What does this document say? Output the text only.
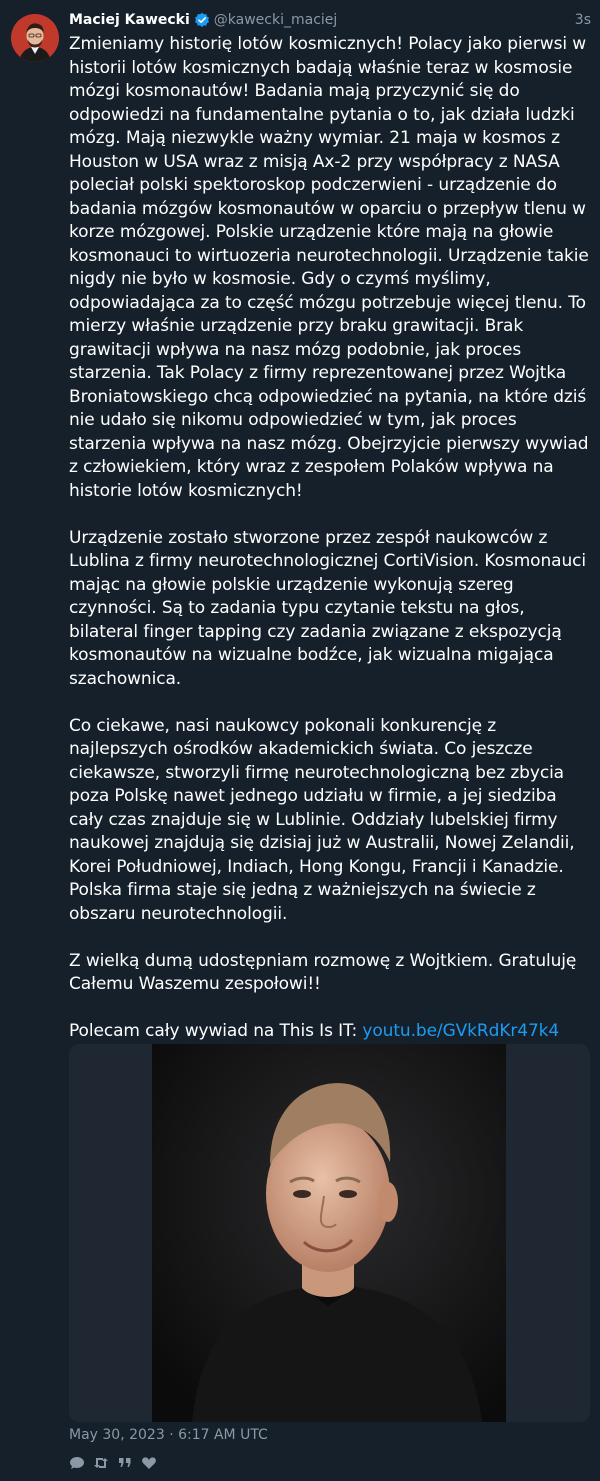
Maciej Kawecki @kawecki_maciej	3s

Zmieniamy historię lotów kosmicznych! Polacy jako pierwsi w historii lotów kosmicznych badają właśnie teraz w kosmosie mózgi kosmonautów! Badania mają przyczynić się do odpowiedzi na fundamentalne pytania o to, jak działa ludzki mózg. Mają niezwykle ważny wymiar. 21 maja w kosmos z Houston w USA wraz z misją Ax-2 przy współpracy z NASA poleciał polski spektoroskop podczerwieni - urządzenie do badania mózgów kosmonautów w oparciu o przepływ tlenu w korze mózgowej. Polskie urządzenie które mają na głowie kosmonauci to wirtuozeria neurotechnologii. Urządzenie takie nigdy nie było w kosmosie. Gdy o czymś myślimy, odpowiadająca za to część mózgu potrzebuje więcej tlenu. To mierzy właśnie urządzenie przy braku grawitacji. Brak grawitacji wpływa na nasz mózg podobnie, jak proces starzenia. Tak Polacy z firmy reprezentowanej przez Wojtka Broniatowskiego chcą odpowiedzieć na pytania, na które dziś nie udało się nikomu odpowiedzieć w tym, jak proces starzenia wpływa na nasz mózg. Obejrzyjcie pierwszy wywiad z człowiekiem, który wraz z zespołem Polaków wpływa na historie lotów kosmicznych!

Urządzenie zostało stworzone przez zespół naukowców z Lublina z firmy neurotechnologicznej CortiVision. Kosmonauci mając na głowie polskie urządzenie wykonują szereg czynności. Są to zadania typu czytanie tekstu na głos, bilateral finger tapping czy zadania związane z ekspozycją kosmonautów na wizualne bodźce, jak wizualna migająca szachownica.

Co ciekawe, nasi naukowcy pokonali konkurencję z najlepszych ośrodków akademickich świata. Co jeszcze ciekawsze, stworzyli firmę neurotechnologiczną bez zbycia poza Polskę nawet jednego udziału w firmie, a jej siedziba cały czas znajduje się w Lublinie. Oddziały lubelskiej firmy naukowej znajdują się dzisiaj już w Australii, Nowej Zelandii, Korei Południowej, Indiach, Hong Kongu, Francji i Kanadzie. Polska firma staje się jedną z ważniejszych na świecie z obszaru neurotechnologii.

Z wielką dumą udostępniam rozmowę z Wojtkiem. Gratuluję Całemu Waszemu zespołowi!!

Polecam cały wywiad na This Is IT: youtu.be/GVkRdKr47k4

May 30, 2023 · 6:17 AM UTC
